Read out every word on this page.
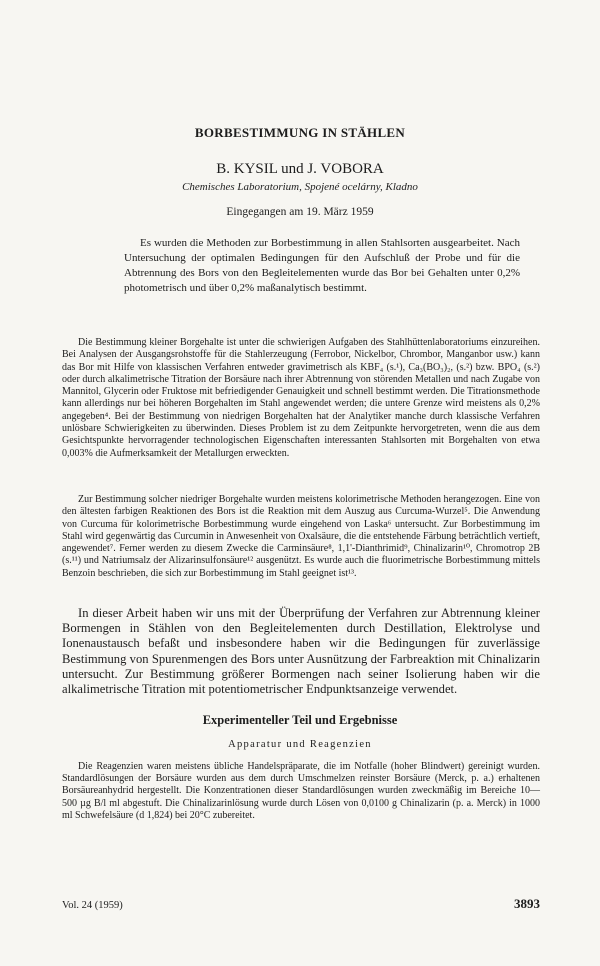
BORBESTIMMUNG IN STÄHLEN
B. KYSIL und J. VOBORA
Chemisches Laboratorium, Spojené ocelárny, Kladno
Eingegangen am 19. März 1959

Es wurden die Methoden zur Borbestimmung in allen Stahlsorten ausgearbeitet. Nach Untersuchung der optimalen Bedingungen für den Aufschluß der Probe und für die Abtrennung des Bors von den Begleitelementen wurde das Bor bei Gehalten unter 0,2% photometrisch und über 0,2% maßanalytisch bestimmt.

Die Bestimmung kleiner Borgehalte ist unter die schwierigen Aufgaben des Stahlhüttenlaboratoriums einzureihen. Bei Analysen der Ausgangsrohstoffe für die Stahlerzeugung (Ferrobor, Nickelbor, Chrombor, Manganbor usw.) kann das Bor mit Hilfe von klassischen Verfahren entweder gravimetrisch als KBF₄ (s.¹), Ca₃(BO₃)₂, (s.²) bzw. BPO₄ (s.²) oder durch alkalimetrische Titration der Borsäure nach ihrer Abtrennung von störenden Metallen und nach Zugabe von Mannitol, Glycerin oder Fruktose mit befriedigender Genauigkeit und schnell bestimmt werden. Die Titrationsmethode kann allerdings nur bei höheren Borgehalten im Stahl angewendet werden; die untere Grenze wird meistens als 0,2% angegeben⁴. Bei der Bestimmung von niedrigen Borgehalten hat der Analytiker manche durch klassische Verfahren unlösbare Schwierigkeiten zu überwinden. Dieses Problem ist zu dem Zeitpunkte hervorgetreten, wenn die aus dem Gesichtspunkte hervorragender technologischen Eigenschaften interessanten Stahlsorten mit Borgehalten von etwa 0,003% die Aufmerksamkeit der Metallurgen erweckten.

Zur Bestimmung solcher niedriger Borgehalte wurden meistens kolorimetrische Methoden herangezogen. Eine von den ältesten farbigen Reaktionen des Bors ist die Reaktion mit dem Auszug aus Curcuma-Wurzel⁵. Die Anwendung von Curcuma für kolorimetrische Borbestimmung wurde eingehend von Laska⁶ untersucht. Zur Borbestimmung im Stahl wird gegenwärtig das Curcumin in Anwesenheit von Oxalsäure, die die entstehende Färbung beträchtlich vertieft, angewendet⁷. Ferner werden zu diesem Zwecke die Carminsäure⁸, 1,1'-Dianthrimid⁹, Chinalizarin¹⁰, Chromotrop 2B (s.¹¹) und Natriumsalz der Alizarinsulfonsäure¹² ausgenützt. Es wurde auch die fluorimetrische Borbestimmung mittels Benzoin beschrieben, die sich zur Borbestimmung im Stahl geeignet ist¹³.

In dieser Arbeit haben wir uns mit der Überprüfung der Verfahren zur Abtrennung kleiner Bormengen in Stählen von den Begleitelementen durch Destillation, Elektrolyse und Ionenaustausch befaßt und insbesondere haben wir die Bedingungen für zuverlässige Bestimmung von Spurenmengen des Bors unter Ausnützung der Farbreaktion mit Chinalizarin untersucht. Zur Bestimmung größerer Bormengen nach seiner Isolierung haben wir die alkalimetrische Titration mit potentiometrischer Endpunktsanzeige verwendet.

Experimenteller Teil und Ergebnisse
Apparatur und Reagenzien

Die Reagenzien waren meistens übliche Handelspräparate, die im Notfalle (hoher Blindwert) gereinigt wurden. Standardlösungen der Borsäure wurden aus dem durch Umschmelzen reinster Borsäure (Merck, p. a.) erhaltenen Borsäureanhydrid hergestellt. Die Konzentrationen dieser Standardlösungen wurden zweckmäßig im Bereiche 10—500 µg B/l ml abgestuft. Die Chinalizarinlösung wurde durch Lösen von 0,0100 g Chinalizarin (p. a. Merck) in 1000 ml Schwefelsäure (d 1,824) bei 20°C zubereitet.

Vol. 24 (1959)	3893
